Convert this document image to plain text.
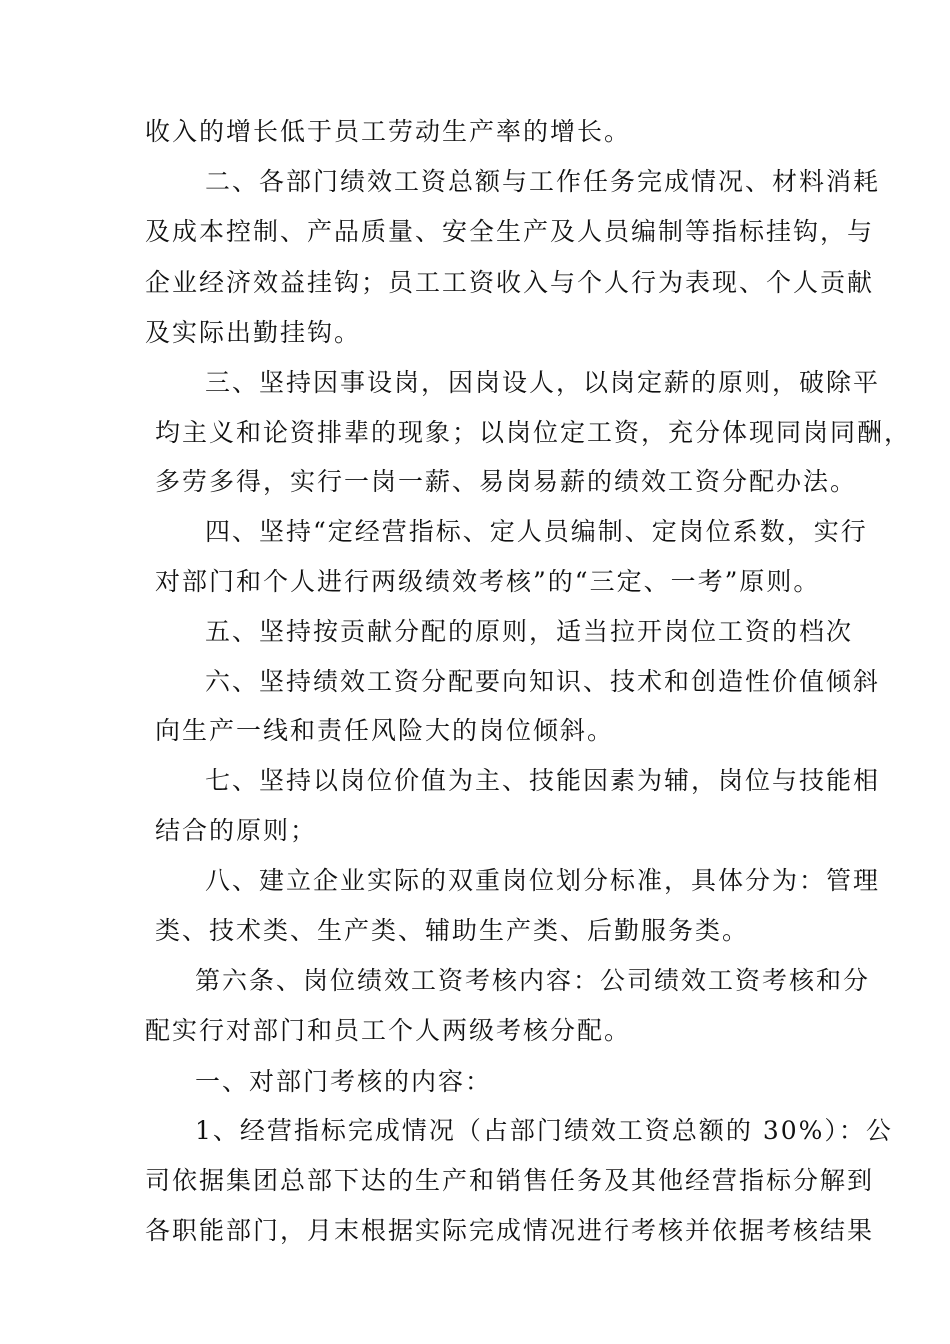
收入的增长低于员工劳动生产率的增长。
二、各部门绩效工资总额与工作任务完成情况、材料消耗
及成本控制、产品质量、安全生产及人员编制等指标挂钩，与
企业经济效益挂钩；员工工资收入与个人行为表现、个人贡献
及实际出勤挂钩。
三、坚持因事设岗，因岗设人，以岗定薪的原则，破除平
均主义和论资排辈的现象；以岗位定工资，充分体现同岗同酬，
多劳多得，实行一岗一薪、易岗易薪的绩效工资分配办法。
四、坚持“定经营指标、定人员编制、定岗位系数，实行
对部门和个人进行两级绩效考核”的“三定、一考”原则。
五、坚持按贡献分配的原则，适当拉开岗位工资的档次
六、坚持绩效工资分配要向知识、技术和创造性价值倾斜
向生产一线和责任风险大的岗位倾斜。
七、坚持以岗位价值为主、技能因素为辅，岗位与技能相
结合的原则；
八、建立企业实际的双重岗位划分标准，具体分为：管理
类、技术类、生产类、辅助生产类、后勤服务类。
第六条、岗位绩效工资考核内容：公司绩效工资考核和分
配实行对部门和员工个人两级考核分配。
一、对部门考核的内容：
1、经营指标完成情况（占部门绩效工资总额的 30%）：公
司依据集团总部下达的生产和销售任务及其他经营指标分解到
各职能部门，月末根据实际完成情况进行考核并依据考核结果
